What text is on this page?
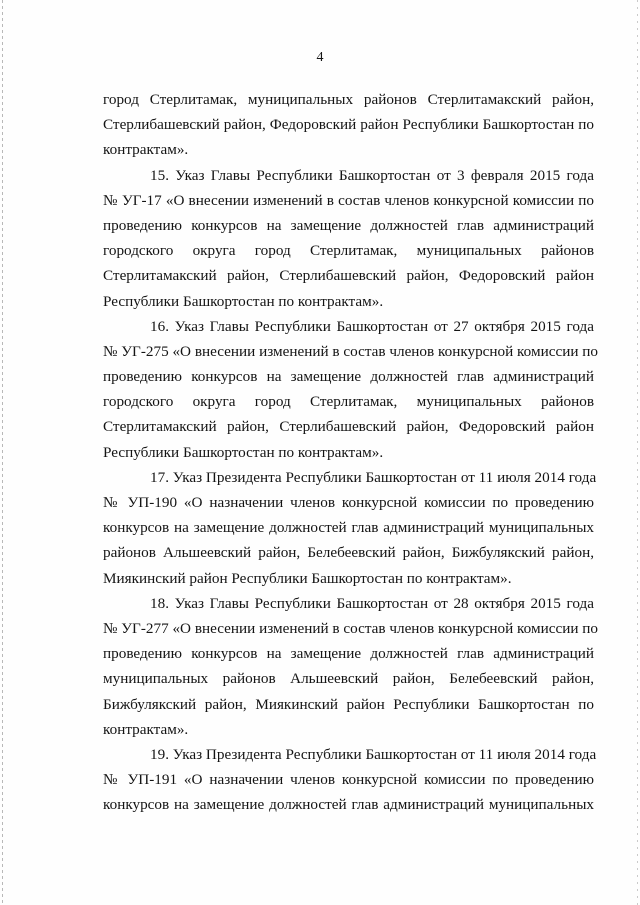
4
город Стерлитамак, муниципальных районов Стерлитамакский район,
Стерлибашевский район, Федоровский район Республики Башкортостан по
контрактам».
15. Указ Главы Республики Башкортостан от 3 февраля 2015 года
№ УГ-17 «О внесении изменений в состав членов конкурсной комиссии по
проведению конкурсов на замещение должностей глав администраций
городского округа город Стерлитамак, муниципальных районов
Стерлитамакский район, Стерлибашевский район, Федоровский район
Республики Башкортостан по контрактам».
16. Указ Главы Республики Башкортостан от 27 октября 2015 года
№ УГ-275 «О внесении изменений в состав членов конкурсной комиссии по
проведению конкурсов на замещение должностей глав администраций
городского округа город Стерлитамак, муниципальных районов
Стерлитамакский район, Стерлибашевский район, Федоровский район
Республики Башкортостан по контрактам».
17. Указ Президента Республики Башкортостан от 11 июля 2014 года
№ УП-190 «О назначении членов конкурсной комиссии по проведению
конкурсов на замещение должностей глав администраций муниципальных
районов Альшеевский район, Белебеевский район, Бижбулякский район,
Миякинский район Республики Башкортостан по контрактам».
18. Указ Главы Республики Башкортостан от 28 октября 2015 года
№ УГ-277 «О внесении изменений в состав членов конкурсной комиссии по
проведению конкурсов на замещение должностей глав администраций
муниципальных районов Альшеевский район, Белебеевский район,
Бижбулякский район, Миякинский район Республики Башкортостан по
контрактам».
19. Указ Президента Республики Башкортостан от 11 июля 2014 года
№ УП-191 «О назначении членов конкурсной комиссии по проведению
конкурсов на замещение должностей глав администраций муниципальных
